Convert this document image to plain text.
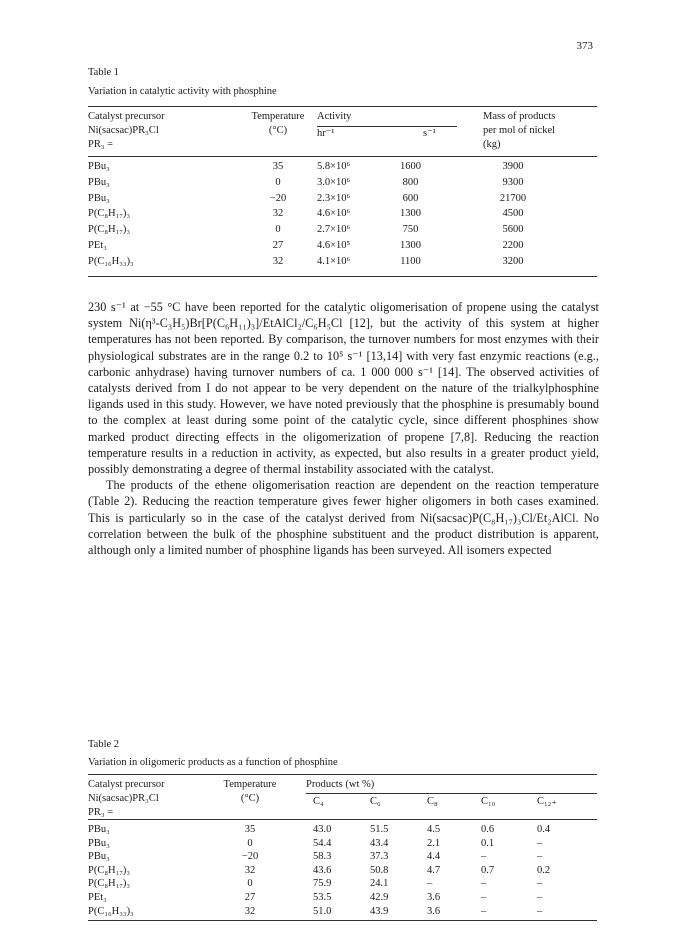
373
Table 1
Variation in catalytic activity with phosphine
Catalyst precursor
Ni(sacsac)PR₃Cl
PR₃ =
Temperature
(°C)
Activity
hr⁻¹	s⁻¹
Mass of products
per mol of nickel
(kg)
PBu₃	35	5.8×10⁶	1600	3900
PBu₃	0	3.0×10⁶	800	9300
PBu₃	−20	2.3×10⁶	600	21700
P(C₈H₁₇)₃	32	4.6×10⁶	1300	4500
P(C₈H₁₇)₃	0	2.7×10⁶	750	5600
PEt₃	27	4.6×10⁵	1300	2200
P(C₁₆H₃₃)₃	32	4.1×10⁶	1100	3200

230 s⁻¹ at −55 °C have been reported for the catalytic oligomerisation of propene using the catalyst system Ni(η³-C₃H₅)Br[P(C₆H₁₁)₃]/EtAlCl₂/C₆H₅Cl [12], but the activity of this system at higher temperatures has not been reported. By comparison, the turnover numbers for most enzymes with their physiological substrates are in the range 0.2 to 10⁵ s⁻¹ [13,14] with very fast enzymic reactions (e.g., carbonic anhydrase) having turnover numbers of ca. 1 000 000 s⁻¹ [14]. The observed activities of catalysts derived from I do not appear to be very dependent on the nature of the trialkylphosphine ligands used in this study. However, we have noted previously that the phosphine is presumably bound to the complex at least during some point of the catalytic cycle, since different phosphines show marked product directing effects in the oligomerization of propene [7,8]. Reducing the reaction temperature results in a reduction in activity, as expected, but also results in a greater product yield, possibly demonstrating a degree of thermal instability associated with the catalyst.

The products of the ethene oligomerisation reaction are dependent on the reaction temperature (Table 2). Reducing the reaction temperature gives fewer higher oligomers in both cases examined. This is particularly so in the case of the catalyst derived from Ni(sacsac)P(C₈H₁₇)₃Cl/Et₂AlCl. No correlation between the bulk of the phosphine substituent and the product distribution is apparent, although only a limited number of phosphine ligands has been surveyed. All isomers expected

Table 2
Variation in oligomeric products as a function of phosphine
Catalyst precursor
Ni(sacsac)PR₃Cl
PR₃ =
Temperature
(°C)
Products (wt %)
C₄	C₆	C₈	C₁₀	C₁₂₊
PBu₃	35	43.0	51.5	4.5	0.6	0.4
PBu₃	0	54.4	43.4	2.1	0.1	–
PBu₃	−20	58.3	37.3	4.4	–	–
P(C₈H₁₇)₃	32	43.6	50.8	4.7	0.7	0.2
P(C₈H₁₇)₃	0	75.9	24.1	–	–	–
PEt₃	27	53.5	42.9	3.6	–	–
P(C₁₆H₃₃)₃	32	51.0	43.9	3.6	–	–
